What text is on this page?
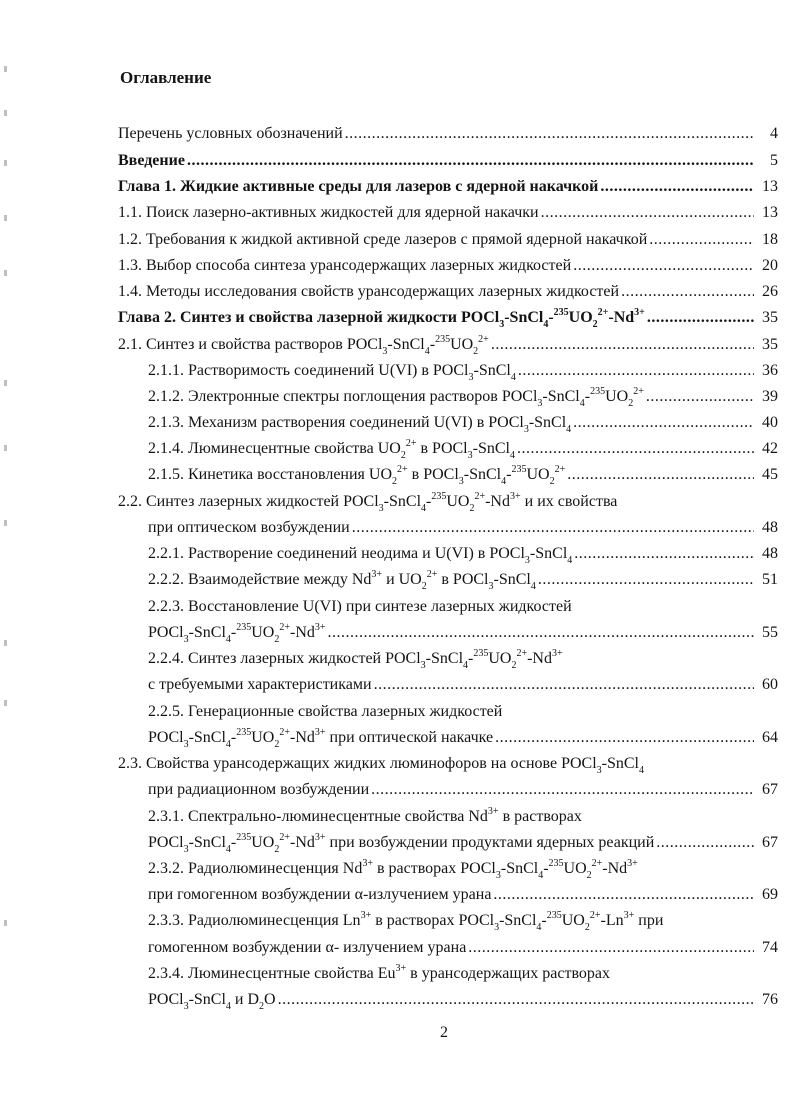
Оглавление
Перечень условных обозначений .....	4
Введение .....	5
Глава 1. Жидкие активные среды для лазеров с ядерной накачкой .....	13
1.1. Поиск лазерно-активных жидкостей для ядерной накачки .....	13
1.2. Требования к жидкой активной среде лазеров с прямой ядерной накачкой .....	18
1.3. Выбор способа синтеза урансодержащих лазерных жидкостей .....	20
1.4. Методы исследования свойств урансодержащих лазерных жидкостей .....	26
Глава 2. Синтез и свойства лазерной жидкости $POCl_3-SnCl_4-^{235}UO_2^{2+}-Nd^{3+}$ .....	35
2.1. Синтез и свойства растворов $POCl_3-SnCl_4-^{235}UO_2^{2+}$ .....	35
2.1.1. Растворимость соединений U(VI) в POCl$_3$-SnCl$_4$ .....	36
2.1.2. Электронные спектры поглощения растворов $POCl_3-SnCl_4-^{235}UO_2^{2+}$ .....	39
2.1.3. Механизм растворения соединений U(VI) в POCl$_3$-SnCl$_4$ .....	40
2.1.4. Люминесцентные свойства $UO_2^{2+}$ в POCl$_3$-SnCl$_4$ .....	42
2.1.5. Кинетика восстановления $UO_2^{2+}$ в $POCl_3-SnCl_4-^{235}UO_2^{2+}$ .....	45
2.2. Синтез лазерных жидкостей $POCl_3-SnCl_4-^{235}UO_2^{2+}-Nd^{3+}$ и их свойства
при оптическом возбуждении .....	48
2.2.1. Растворение соединений неодима и U(VI) в POCl$_3$-SnCl$_4$ .....	48
2.2.2. Взаимодействие между $Nd^{3+}$ и $UO_2^{2+}$ в POCl$_3$-SnCl$_4$ .....	51
2.2.3. Восстановление U(VI) при синтезе лазерных жидкостей
$POCl_3-SnCl_4-^{235}UO_2^{2+}-Nd^{3+}$ .....	55
2.2.4. Синтез лазерных жидкостей $POCl_3-SnCl_4-^{235}UO_2^{2+}-Nd^{3+}$
с требуемыми характеристиками .....	60
2.2.5. Генерационные свойства лазерных жидкостей
$POCl_3-SnCl_4-^{235}UO_2^{2+}-Nd^{3+}$ при оптической накачке .....	64
2.3. Свойства урансодержащих жидких люминофоров на основе POCl$_3$-SnCl$_4$
при радиационном возбуждении .....	67
2.3.1. Спектрально-люминесцентные свойства $Nd^{3+}$ в растворах
$POCl_3-SnCl_4-^{235}UO_2^{2+}-Nd^{3+}$ при возбуждении продуктами ядерных реакций .....	67
2.3.2. Радиолюминесценция $Nd^{3+}$ в растворах $POCl_3-SnCl_4-^{235}UO_2^{2+}-Nd^{3+}$
при гомогенном возбуждении α-излучением урана .....	69
2.3.3. Радиолюминесценция $Ln^{3+}$ в растворах $POCl_3-SnCl_4-^{235}UO_2^{2+}-Ln^{3+}$ при
гомогенном возбуждении α- излучением урана .....	74
2.3.4. Люминесцентные свойства $Eu^{3+}$ в урансодержащих растворах
POCl$_3$-SnCl$_4$ и $D_2O$ .....	76
2
